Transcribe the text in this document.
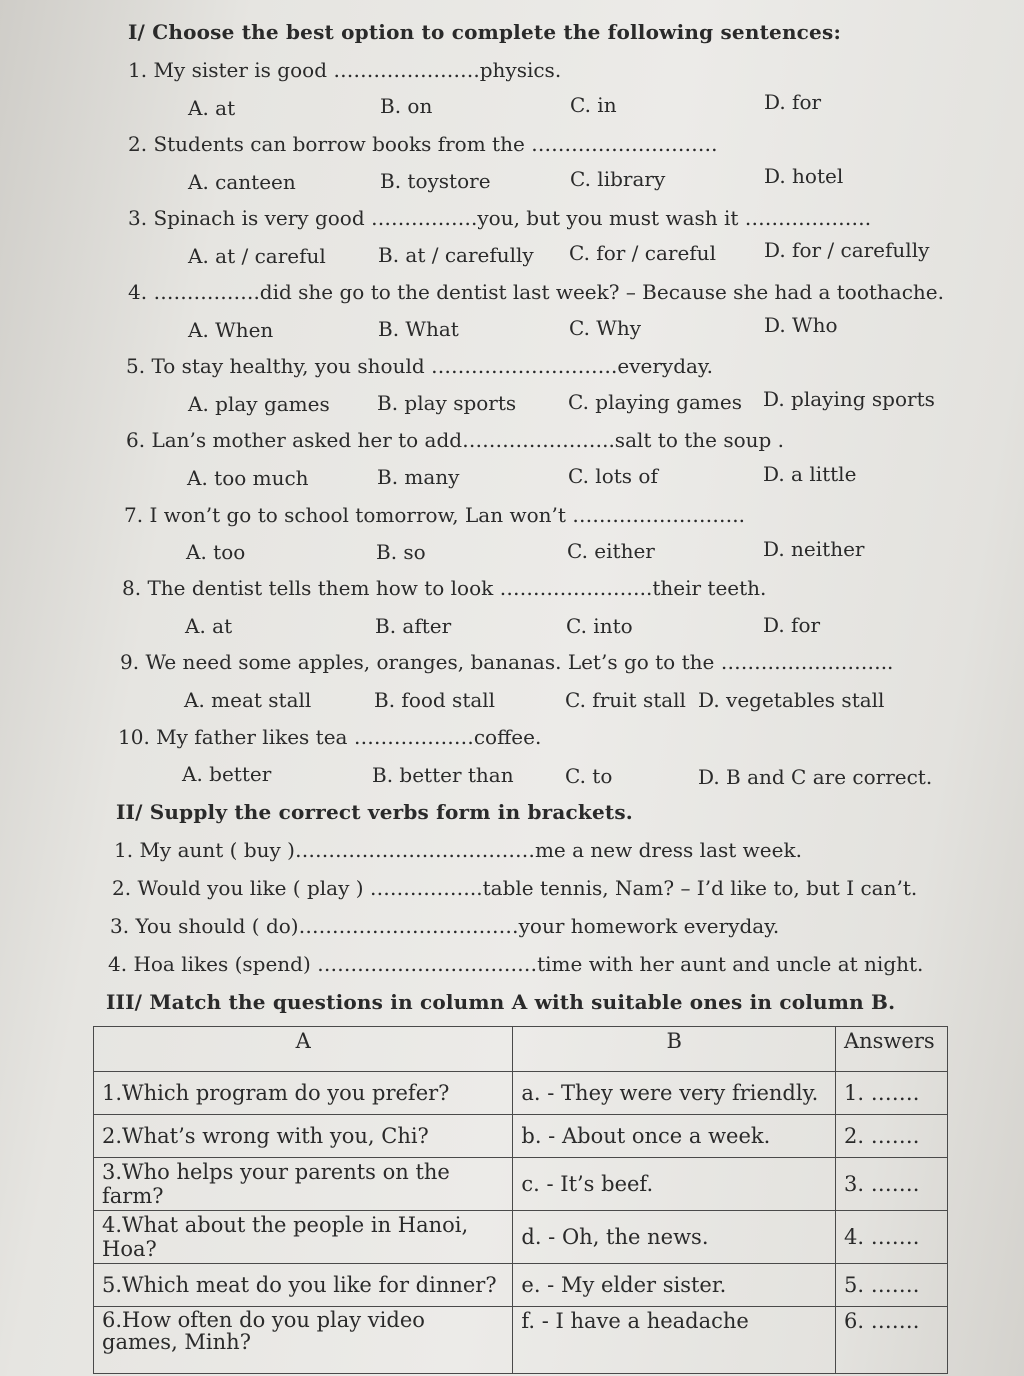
I/ Choose the best option to complete the following sentences:
1. My sister is good ………………….physics.
A. at	B. on	C. in	D. for
2. Students can borrow books from the ……………………….
A. canteen	B. toystore	C. library	D. hotel
3. Spinach is very good …………….you, but you must wash it ……………….
A. at / careful	B. at / carefully C. for / careful D. for / carefully
4. …………….did she go to the dentist last week? – Because she had a toothache.
A. When	B. What	C. Why	D. Who
5. To stay healthy, you should ……………………….everyday.
A. play games B. play sports	C. playing games D. playing sports
6. Lan’s mother asked her to add…………………..salt to the soup .
A. too much	B. many	C. lots of	D. a little
7. I won’t go to school tomorrow, Lan won’t ……………………..
A. too	B. so	C. either	D. neither
8. The dentist tells them how to look …………………..their teeth.
A. at	B. after	C. into	D. for
9. We need some apples, oranges, bananas. Let’s go to the ……………………..
A. meat stall	B. food stall	C. fruit stall D. vegetables stall
10. My father likes tea ………………coffee.
A. better	B. better than	C. to	D. B and C are correct.
II/ Supply the correct verbs form in brackets.
1. My aunt ( buy )………………………………me a new dress last week.
2. Would you like ( play ) ……………..table tennis, Nam? – I’d like to, but I can’t.
3. You should ( do)……………………………your homework everyday.
4. Hoa likes (spend) ……………………………time with her aunt and uncle at night.
III/ Match the questions in column A with suitable ones in column B.
A	B	Answers
1.Which program do you prefer?	a. - They were very friendly.	1. …….
2.What’s wrong with you, Chi?	b. - About once a week.	2. …….
3.Who helps your parents on the farm?	c. - It’s beef.	3. …….
4.What about the people in Hanoi, Hoa?	d. - Oh, the news.	4. …….
5.Which meat do you like for dinner?	e. - My elder sister.	5. …….
6.How often do you play video games, Minh?	f. - I have a headache	6. …….
